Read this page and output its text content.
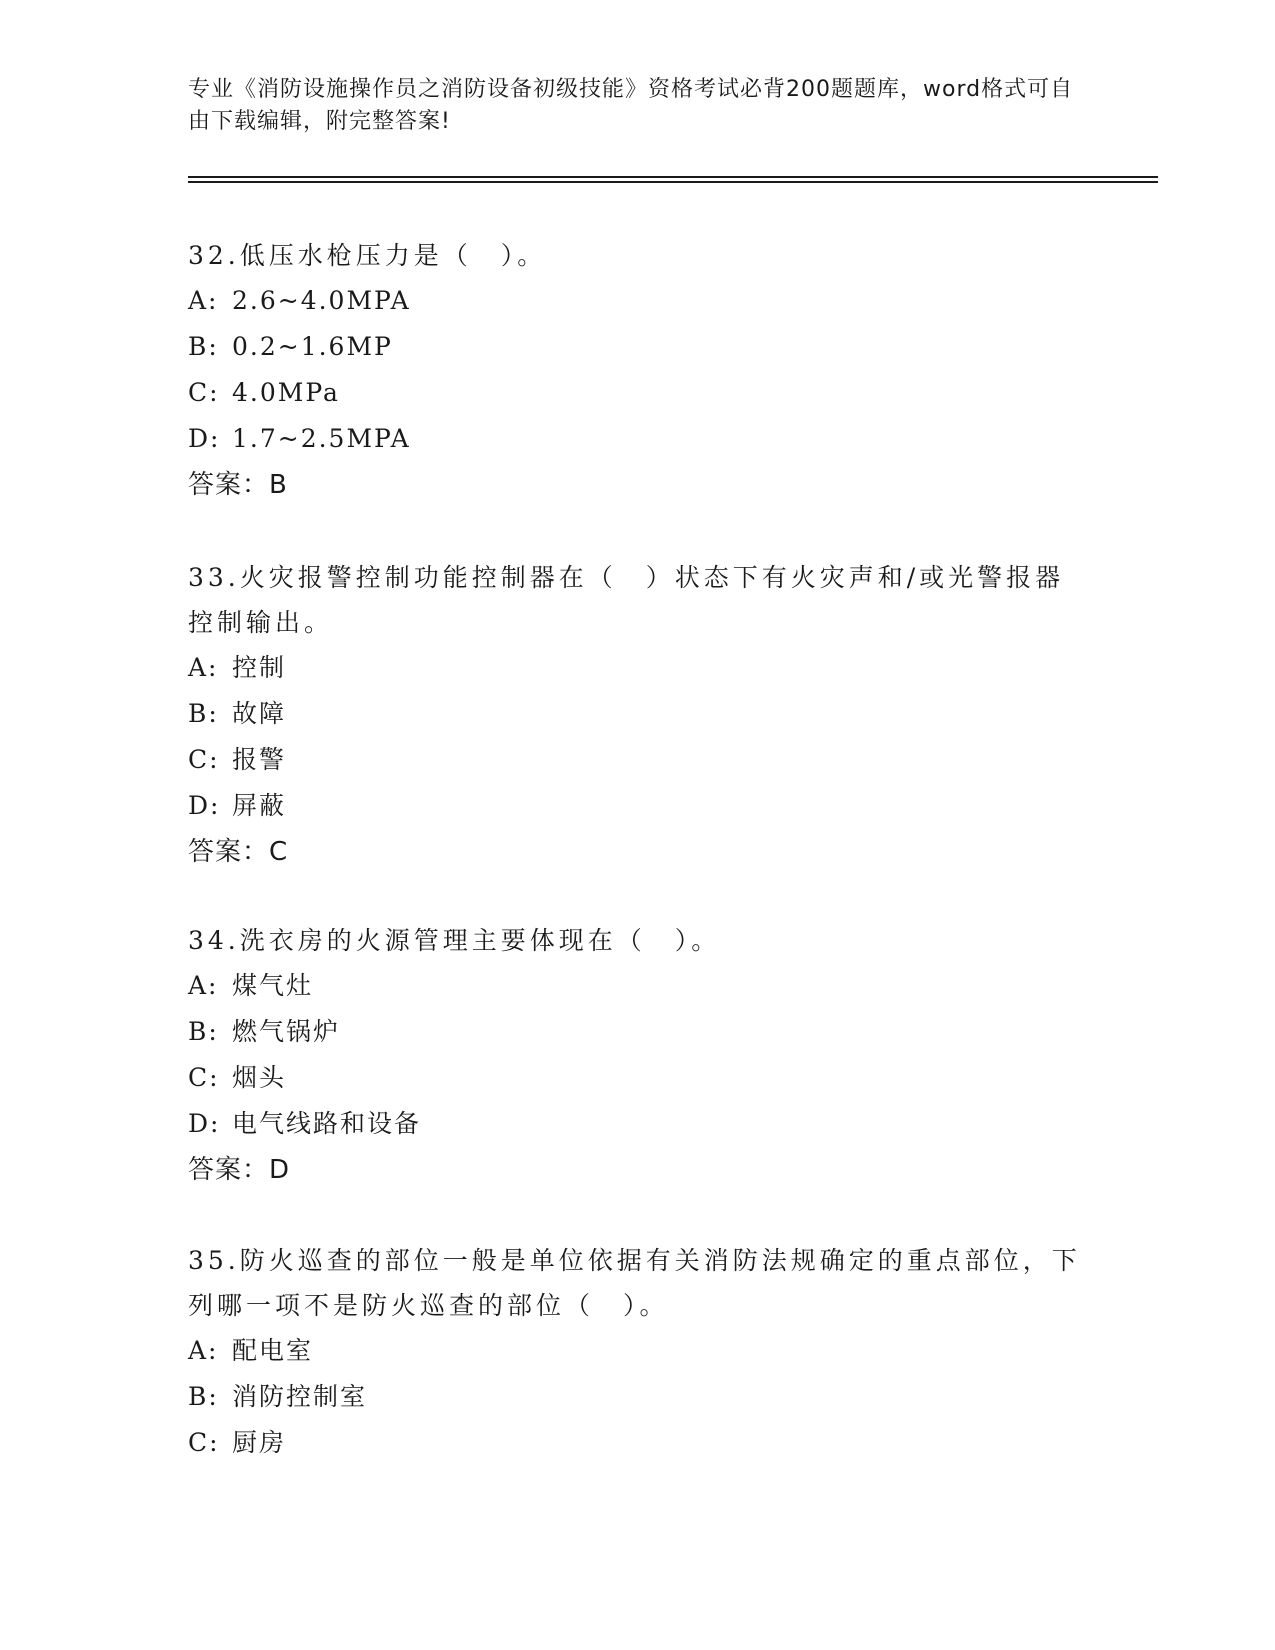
专业《消防设施操作员之消防设备初级技能》资格考试必背200题题库，word格式可自由下载编辑，附完整答案!

32.低压水枪压力是（　）。

A: 2.6~4.0MPA
B: 0.2~1.6MP
C: 4.0MPa
D: 1.7~2.5MPA
答案：B

33.火灾报警控制功能控制器在（　）状态下有火灾声和/或光警报器控制输出。

A: 控制
B: 故障
C: 报警
D: 屏蔽
答案：C

34.洗衣房的火源管理主要体现在（　）。

A: 煤气灶
B: 燃气锅炉
C: 烟头
D: 电气线路和设备
答案：D

35.防火巡查的部位一般是单位依据有关消防法规确定的重点部位，下列哪一项不是防火巡查的部位（　）。

A: 配电室
B: 消防控制室
C: 厨房
